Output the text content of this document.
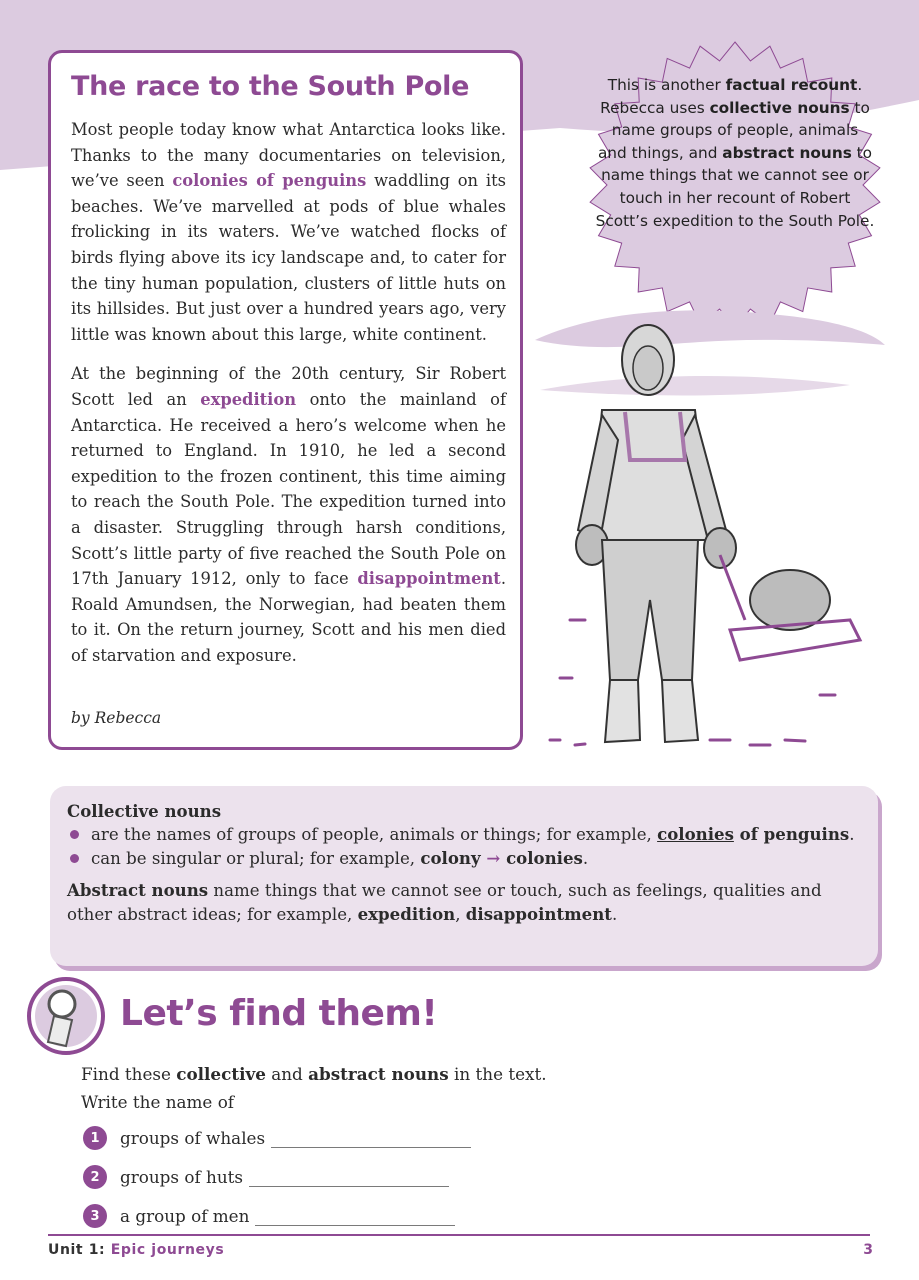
The race to the South Pole

Most people today know what Antarctica looks like. Thanks to the many documentaries on television, we’ve seen colonies of penguins waddling on its beaches. We’ve marvelled at pods of blue whales frolicking in its waters. We’ve watched flocks of birds flying above its icy landscape and, to cater for the tiny human population, clusters of little huts on its hillsides. But just over a hundred years ago, very little was known about this large, white continent.

At the beginning of the 20th century, Sir Robert Scott led an expedition onto the mainland of Antarctica. He received a hero’s welcome when he returned to England. In 1910, he led a second expedition to the frozen continent, this time aiming to reach the South Pole. The expedition turned into a disaster. Struggling through harsh conditions, Scott’s little party of five reached the South Pole on 17th January 1912, only to face disappointment. Roald Amundsen, the Norwegian, had beaten them to it. On the return journey, Scott and his men died of starvation and exposure.

by Rebecca
This is another factual recount. Rebecca uses collective nouns to name groups of people, animals and things, and abstract nouns to name things that we cannot see or touch in her recount of Robert Scott’s expedition to the South Pole.
Collective nouns
are the names of groups of people, animals or things; for example, colonies of penguins.
can be singular or plural; for example, colony → colonies.
Abstract nouns name things that we cannot see or touch, such as feelings, qualities and other abstract ideas; for example, expedition, disappointment.
Let’s find them!
Find these collective and abstract nouns in the text.
Write the name of
1	groups of whales
2	groups of huts
3	a group of men
Unit 1: Epic journeys	3
